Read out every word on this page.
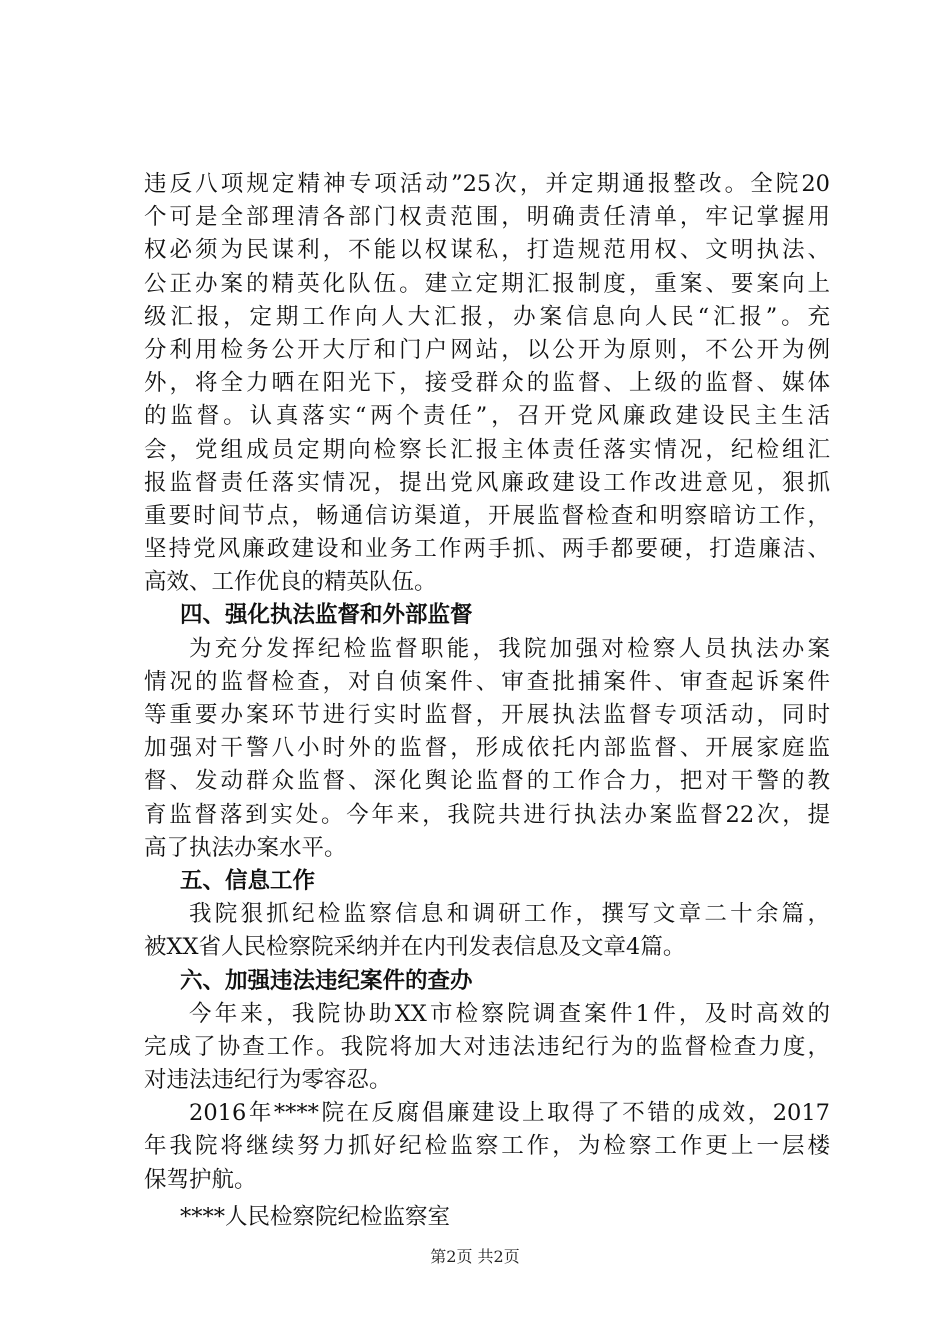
违反八项规定精神专项活动”25次，并定期通报整改。全院20
个可是全部理清各部门权责范围，明确责任清单，牢记掌握用
权必须为民谋利，不能以权谋私，打造规范用权、文明执法、
公正办案的精英化队伍。建立定期汇报制度，重案、要案向上
级汇报，定期工作向人大汇报，办案信息向人民“汇报”。充
分利用检务公开大厅和门户网站，以公开为原则，不公开为例
外，将全力晒在阳光下，接受群众的监督、上级的监督、媒体
的监督。认真落实“两个责任”，召开党风廉政建设民主生活
会，党组成员定期向检察长汇报主体责任落实情况，纪检组汇
报监督责任落实情况，提出党风廉政建设工作改进意见，狠抓
重要时间节点，畅通信访渠道，开展监督检查和明察暗访工作，
坚持党风廉政建设和业务工作两手抓、两手都要硬，打造廉洁、
高效、工作优良的精英队伍。
四、强化执法监督和外部监督
为充分发挥纪检监督职能，我院加强对检察人员执法办案
情况的监督检查，对自侦案件、审查批捕案件、审查起诉案件
等重要办案环节进行实时监督，开展执法监督专项活动，同时
加强对干警八小时外的监督，形成依托内部监督、开展家庭监
督、发动群众监督、深化舆论监督的工作合力，把对干警的教
育监督落到实处。今年来，我院共进行执法办案监督22次，提
高了执法办案水平。
五、信息工作
我院狠抓纪检监察信息和调研工作，撰写文章二十余篇，
被XX省人民检察院采纳并在内刊发表信息及文章4篇。
六、加强违法违纪案件的查办
今年来，我院协助XX市检察院调查案件1件，及时高效的
完成了协查工作。我院将加大对违法违纪行为的监督检查力度，
对违法违纪行为零容忍。
2016年****院在反腐倡廉建设上取得了不错的成效，2017
年我院将继续努力抓好纪检监察工作，为检察工作更上一层楼
保驾护航。
****人民检察院纪检监察室
第2页 共2页
